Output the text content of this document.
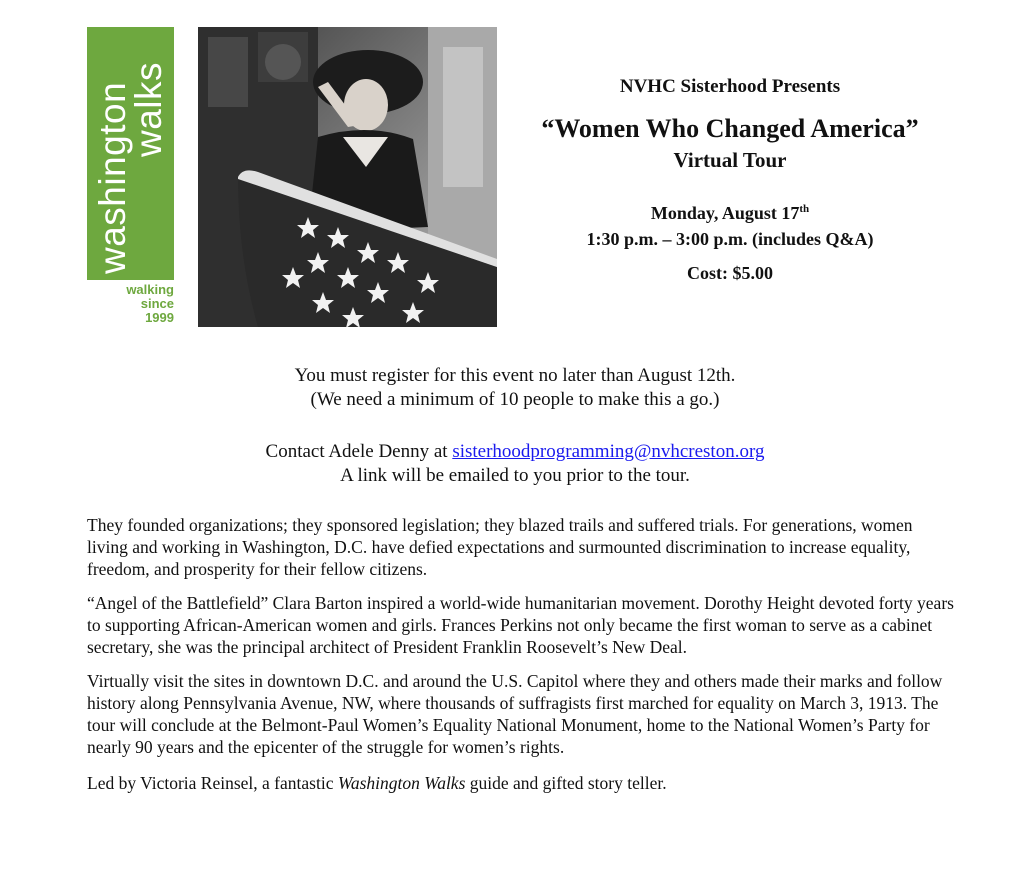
washington
walks
walking
since
1999
NVHC Sisterhood Presents
“Women Who Changed America”
Virtual Tour
Monday, August 17th
1:30 p.m. – 3:00 p.m. (includes Q&A)
Cost: $5.00
You must register for this event no later than August 12th.
(We need a minimum of 10 people to make this a go.)
Contact Adele Denny at sisterhoodprogramming@nvhcreston.org
A link will be emailed to you prior to the tour.

They founded organizations; they sponsored legislation; they blazed trails and suffered trials. For generations, women living and working in Washington, D.C. have defied expectations and surmounted discrimination to increase equality, freedom, and prosperity for their fellow citizens.

“Angel of the Battlefield” Clara Barton inspired a world-wide humanitarian movement. Dorothy Height devoted forty years to supporting African-American women and girls. Frances Perkins not only became the first woman to serve as a cabinet secretary, she was the principal architect of President Franklin Roosevelt’s New Deal.

Virtually visit the sites in downtown D.C. and around the U.S. Capitol where they and others made their marks and follow history along Pennsylvania Avenue, NW, where thousands of suffragists first marched for equality on March 3, 1913. The tour will conclude at the Belmont-Paul Women’s Equality National Monument, home to the National Women’s Party for nearly 90 years and the epicenter of the struggle for women’s rights.

Led by Victoria Reinsel, a fantastic Washington Walks guide and gifted story teller.
